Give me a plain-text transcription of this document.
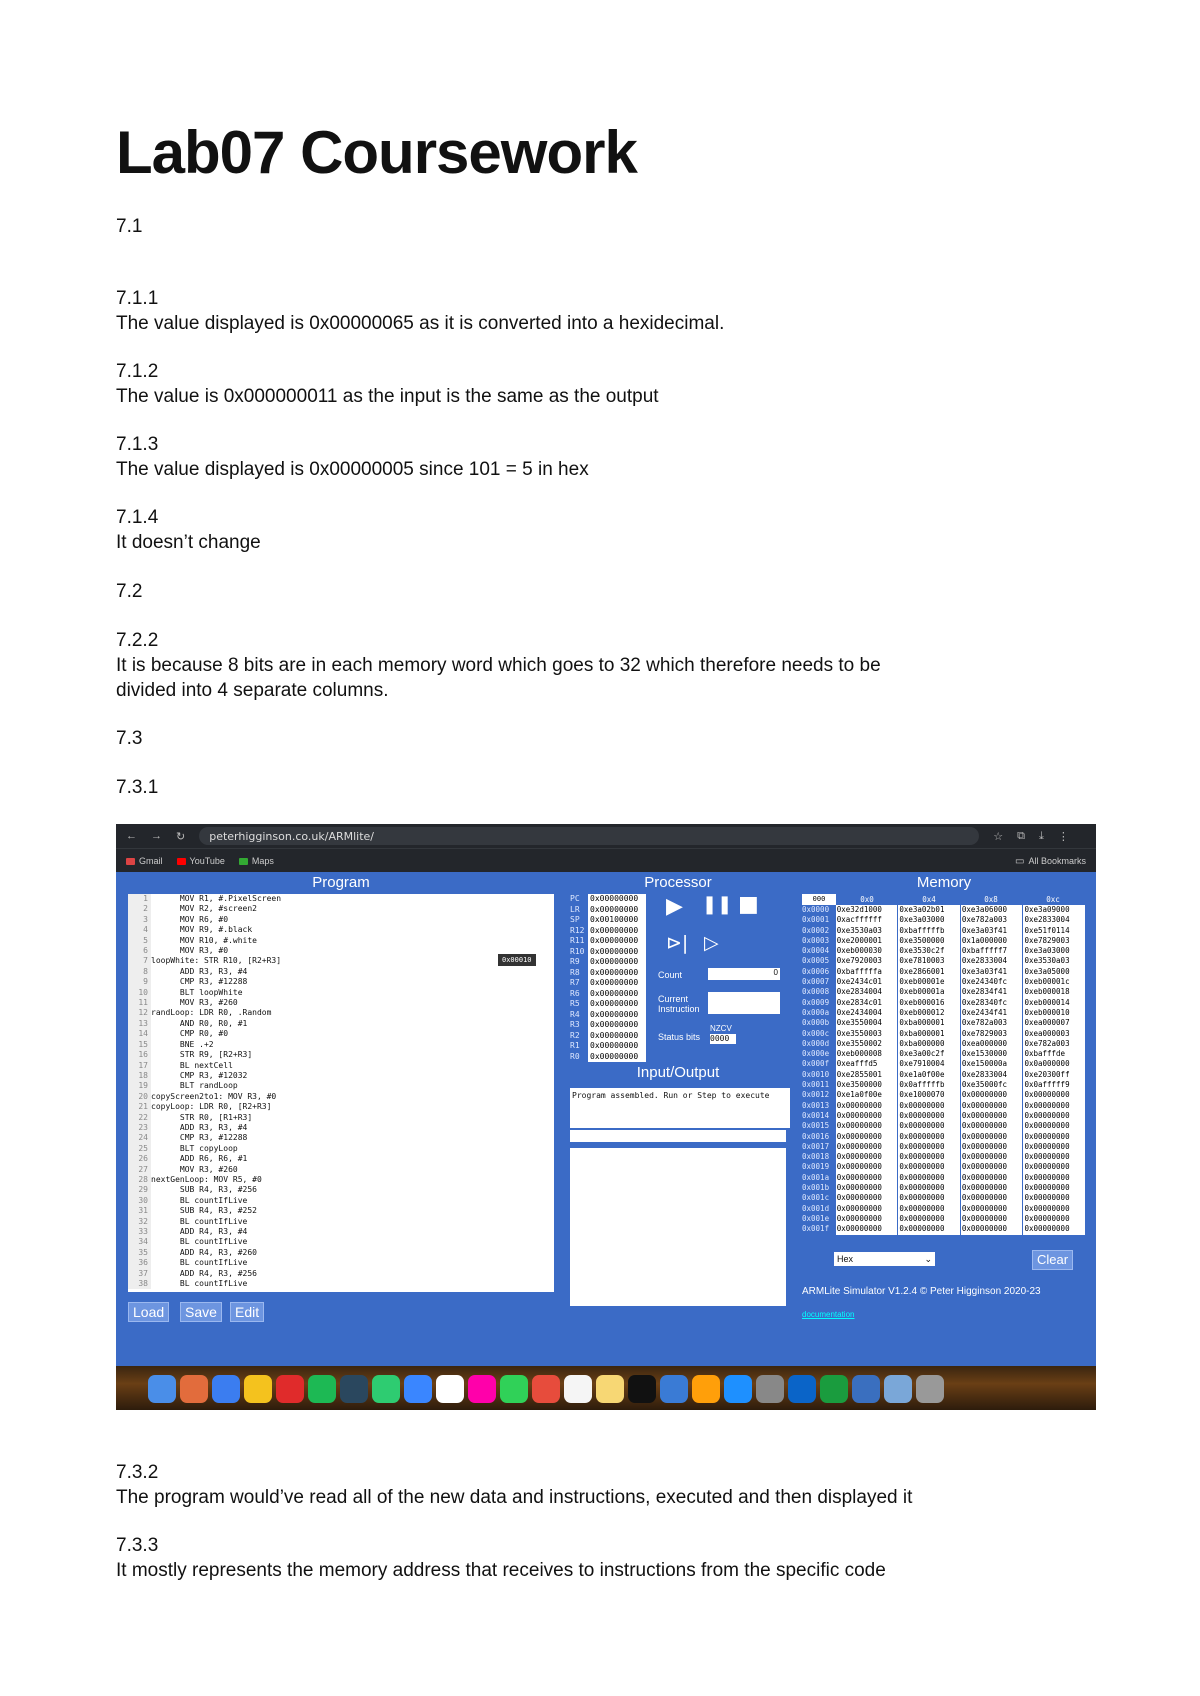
Lab07 Coursework

7.1

7.1.1

The value displayed is 0x00000065 as it is converted into a hexidecimal.

7.1.2

The value is 0x000000011 as the input is the same as the output

7.1.3

The value displayed is 0x00000005 since 101 = 5 in hex

7.1.4

It doesn’t change

7.2

7.2.2

It is because 8 bits are in each memory word which goes to 32 which therefore needs to be

divided into 4 separate columns.

7.3

7.3.1

← → ↻ peterhigginson.co.uk/ARMlite/	☆ ⧉ ⤓ ⋮
Gmail	YouTube	Maps	▭ All Bookmarks
Program	Processor	Memory
1 MOV R1, #.PixelScreen
2 MOV R2, #screen2
3 MOV R6, #0
4 MOV R9, #.black
5 MOV R10, #.white
6 MOV R3, #0
7 loopWhite: STR R10, [R2+R3]
8 ADD R3, R3, #4
9 CMP R3, #12288
10 BLT loopWhite
11 MOV R3, #260
12 randLoop: LDR R0, .Random
13 AND R0, R0, #1
14 CMP R0, #0
15 BNE .+2
16 STR R9, [R2+R3]
17 BL nextCell
18 CMP R3, #12032
19 BLT randLoop
20 copyScreen2to1: MOV R3, #0
21 copyLoop: LDR R0, [R2+R3]
22 STR R0, [R1+R3]
23 ADD R3, R3, #4
24 CMP R3, #12288
25 BLT copyLoop
26 ADD R6, R6, #1
27 MOV R3, #260
28 nextGenLoop: MOV R5, #0
29 SUB R4, R3, #256
30 BL countIfLive
31 SUB R4, R3, #252
32 BL countIfLive
33 ADD R4, R3, #4
34 BL countIfLive
35 ADD R4, R3, #260
36 BL countIfLive
37 ADD R4, R3, #256
38 BL countIfLive
0x00010
Load	Save	Edit
PC	0x00000000
LR	0x00000000
SP	0x00100000
R12 0x00000000
R11 0x00000000
R10 0x00000000
R9	0x00000000
R8	0x00000000
R7	0x00000000
R6	0x00000000
R5	0x00000000
R4	0x00000000
R3	0x00000000
R2	0x00000000
R1	0x00000000
R0	0x00000000
▶ ❚❚ ■
⊳| ▷
Count	0
Current
Instruction
Status bits
NZCV
0000
Input/Output
Program assembled. Run or Step to execute
000	0x0	0x4	0x8	0xc
0x0000	0xe32d1000	0xe3a02b01	0xe3a06000	0xe3a09000
0x0001	0xacffffff	0xe3a03000	0xe782a003	0xe2833004
0x0002	0xe3530a03	0xbafffffb	0xe3a03f41	0xe51f0114
0x0003	0xe2000001	0xe3500000	0x1a000000	0xe7829003
0x0004	0xeb000030	0xe3530c2f	0xbafffff7	0xe3a03000
0x0005	0xe7920003	0xe7810003	0xe2833004	0xe3530a03
0x0006	0xbafffffa	0xe2866001	0xe3a03f41	0xe3a05000
0x0007	0xe2434c01	0xeb00001e	0xe24340fc	0xeb00001c
0x0008	0xe2834004	0xeb00001a	0xe2834f41	0xeb000018
0x0009	0xe2834c01	0xeb000016	0xe28340fc	0xeb000014
0x000a	0xe2434004	0xeb000012	0xe2434f41	0xeb000010
0x000b	0xe3550004	0xba000001	0xe782a003	0xea000007
0x000c	0xe3550003	0xba000001	0xe7829003	0xea000003
0x000d	0xe3550002	0xba000000	0xea000000	0xe782a003
0x000e	0xeb000008	0xe3a00c2f	0xe1530000	0xbafffde
0x000f	0xeafffd5	0xe7910004	0xe150000a	0x0a000000
0x0010	0xe2855001	0xe1a0f00e	0xe2833004	0xe20300ff
0x0011	0xe3500000	0x0afffffb	0xe35000fc	0x0afffff9
0x0012	0xe1a0f00e	0xe1000070	0x00000000	0x00000000
0x0013	0x00000000	0x00000000	0x00000000	0x00000000
0x0014	0x00000000	0x00000000	0x00000000	0x00000000
0x0015	0x00000000	0x00000000	0x00000000	0x00000000
0x0016	0x00000000	0x00000000	0x00000000	0x00000000
0x0017	0x00000000	0x00000000	0x00000000	0x00000000
0x0018	0x00000000	0x00000000	0x00000000	0x00000000
0x0019	0x00000000	0x00000000	0x00000000	0x00000000
0x001a	0x00000000	0x00000000	0x00000000	0x00000000
0x001b	0x00000000	0x00000000	0x00000000	0x00000000
0x001c	0x00000000	0x00000000	0x00000000	0x00000000
0x001d	0x00000000	0x00000000	0x00000000	0x00000000
0x001e	0x00000000	0x00000000	0x00000000	0x00000000
0x001f	0x00000000	0x00000000	0x00000000	0x00000000
Hex	⌄	Clear
ARMLite Simulator V1.2.4 © Peter Higginson 2020-23
documentation

7.3.2

The program would’ve read all of the new data and instructions, executed and then displayed it

7.3.3

It mostly represents the memory address that receives to instructions from the specific code
